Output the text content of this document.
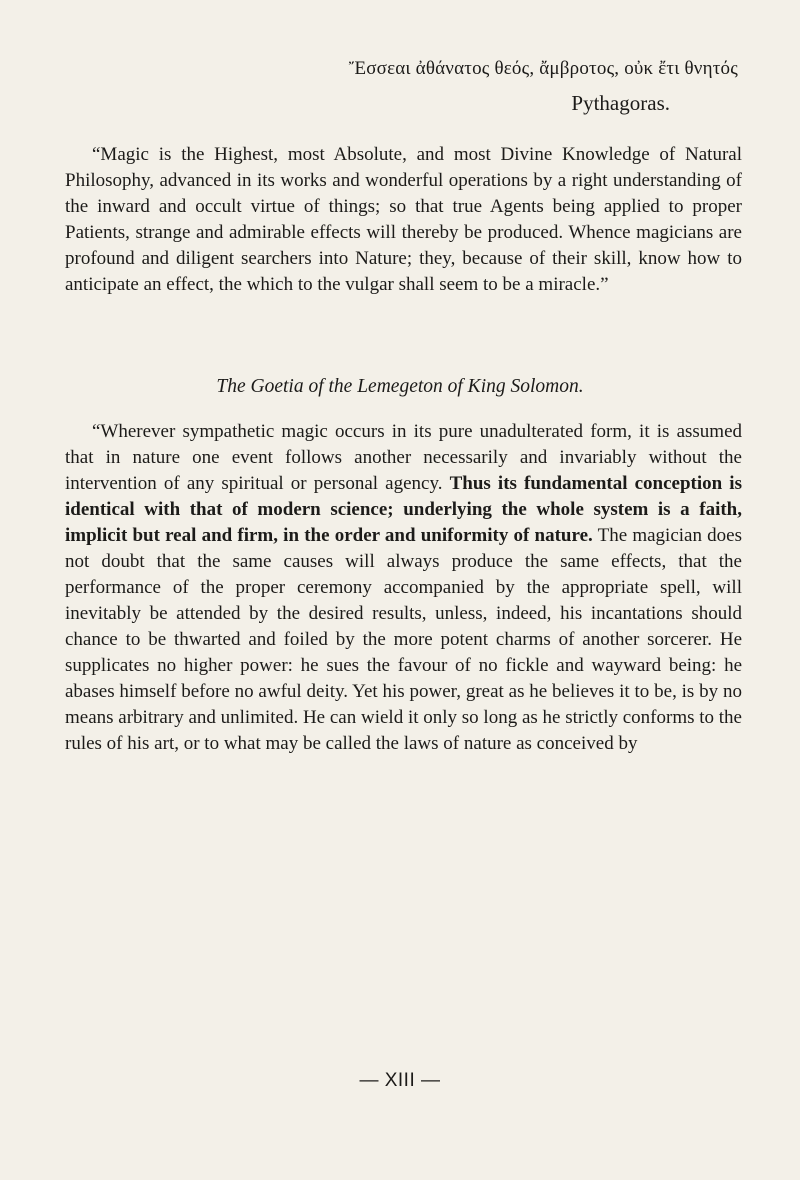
Ἔσσεαι ἀθάνατος θεός, ἄμβροτος, οὐκ ἔτι θνητός
Pythagoras.
“Magic is the Highest, most Absolute, and most Divine Knowledge of Natural Philosophy, advanced in its works and wonderful operations by a right understanding of the inward and occult virtue of things; so that true Agents being applied to proper Patients, strange and admirable effects will thereby be produced. Whence magicians are profound and diligent searchers into Nature; they, because of their skill, know how to anticipate an effect, the which to the vulgar shall seem to be a miracle.”
The Goetia of the Lemegeton of King Solomon.
“Wherever sympathetic magic occurs in its pure unadulterated form, it is assumed that in nature one event follows another necessarily and invariably without the intervention of any spiritual or personal agency. Thus its fundamental conception is identical with that of modern science; underlying the whole system is a faith, implicit but real and firm, in the order and uniformity of nature. The magician does not doubt that the same causes will always produce the same effects, that the performance of the proper ceremony accompanied by the appropriate spell, will inevitably be attended by the desired results, unless, indeed, his incantations should chance to be thwarted and foiled by the more potent charms of another sorcerer. He supplicates no higher power: he sues the favour of no fickle and wayward being: he abases himself before no awful deity. Yet his power, great as he believes it to be, is by no means arbitrary and unlimited. He can wield it only so long as he strictly conforms to the rules of his art, or to what may be called the laws of nature as conceived by
— XIII —
